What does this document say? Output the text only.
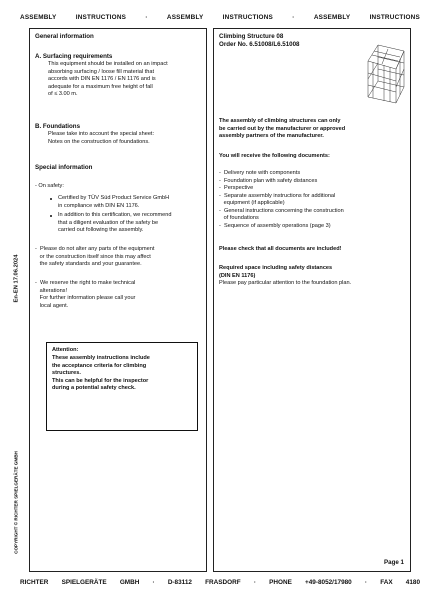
ASSEMBLY	INSTRUCTIONS	·	ASSEMBLY	INSTRUCTIONS	·	ASSEMBLY	INSTRUCTIONS
En-EN 17.06.2024
COPYRIGHT © RICHTER SPIELGERÄTE GMBH
General information
A. Surfacing requirements
This equipment should be installed on an impact
absorbing surfacing / loose fill material that
accords with DIN EN 1176 / EN 1176 and is
adequate for a maximum free height of fall
of ≤ 3.00 m.
B. Foundations
Please take into account the special sheet:
Notes on the construction of foundations.
Special information
- On safety:
Certified by TÜV Süd Product Service GmbH
in compliance with DIN EN 1176.
In addition to this certification, we recommend
that a diligent evaluation of the safety be
carried out following the assembly.
-  Please do not alter any parts of the equipment
or the construction itself since this may affect
the safety standards and your guarantee.
-  We reserve the right to make technical
alterations!
For further information please call your
local agent.
Attention:
These assembly instructions include
the acceptance criteria for climbing
structures.
This can be helpful for the inspector
during a potential safety check.
Climbing Structure 08
Order No. 6.51008/L6.51008
The assembly of climbing structures can only
be carried out by the manufacturer or approved
assembly partners of the manufacturer.
You will receive the following documents:
-  Delivery note with components
-  Foundation plan with safety distances
-  Perspective
-  Separate assembly instructions for additional
equipment (if applicable)
-  General instructions concerning the construction
of foundations
-  Sequence of assembly operations (page 3)
Please check that all documents are included!
Required space including safety distances
(DIN EN 1176)
Please pay particular attention to the foundation plan.
Page 1
RICHTER SPIELGERÄTE GMBH · D-83112 FRASDORF · PHONE +49-8052/17980 · FAX 4180
